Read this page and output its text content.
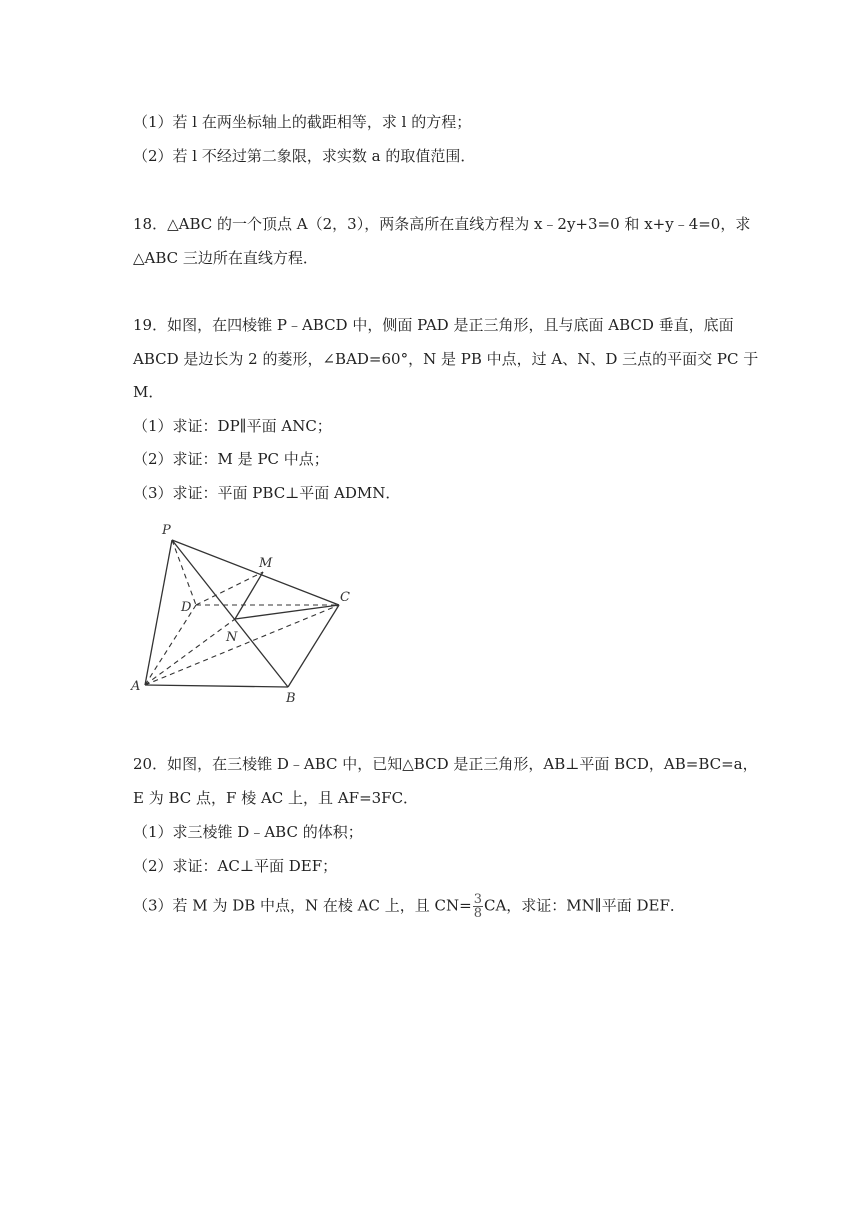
（1）若 l 在两坐标轴上的截距相等，求 l 的方程；
（2）若 l 不经过第二象限，求实数 a 的取值范围．
18．△ABC 的一个顶点 A（2，3），两条高所在直线方程为 x﹣2y+3=0 和 x+y﹣4=0，求
△ABC 三边所在直线方程．
19．如图，在四棱锥 P﹣ABCD 中，侧面 PAD 是正三角形，且与底面 ABCD 垂直，底面
ABCD 是边长为 2 的菱形，∠BAD=60°，N 是 PB 中点，过 A、N、D 三点的平面交 PC 于
M．
（1）求证：DP∥平面 ANC；
（2）求证：M 是 PC 中点；
（3）求证：平面 PBC⊥平面 ADMN．
P
M
D
C
N
A
B
20．如图，在三棱锥 D﹣ABC 中，已知△BCD 是正三角形，AB⊥平面 BCD，AB=BC=a，
E 为 BC 点，F 棱 AC 上，且 AF=3FC．
（1）求三棱锥 D﹣ABC 的体积；
（2）求证：AC⊥平面 DEF；
（3）若 M 为 DB 中点，N 在棱 AC 上，且 $CN= \frac{3}{8}$ CA，求证：MN∥平面 DEF．
